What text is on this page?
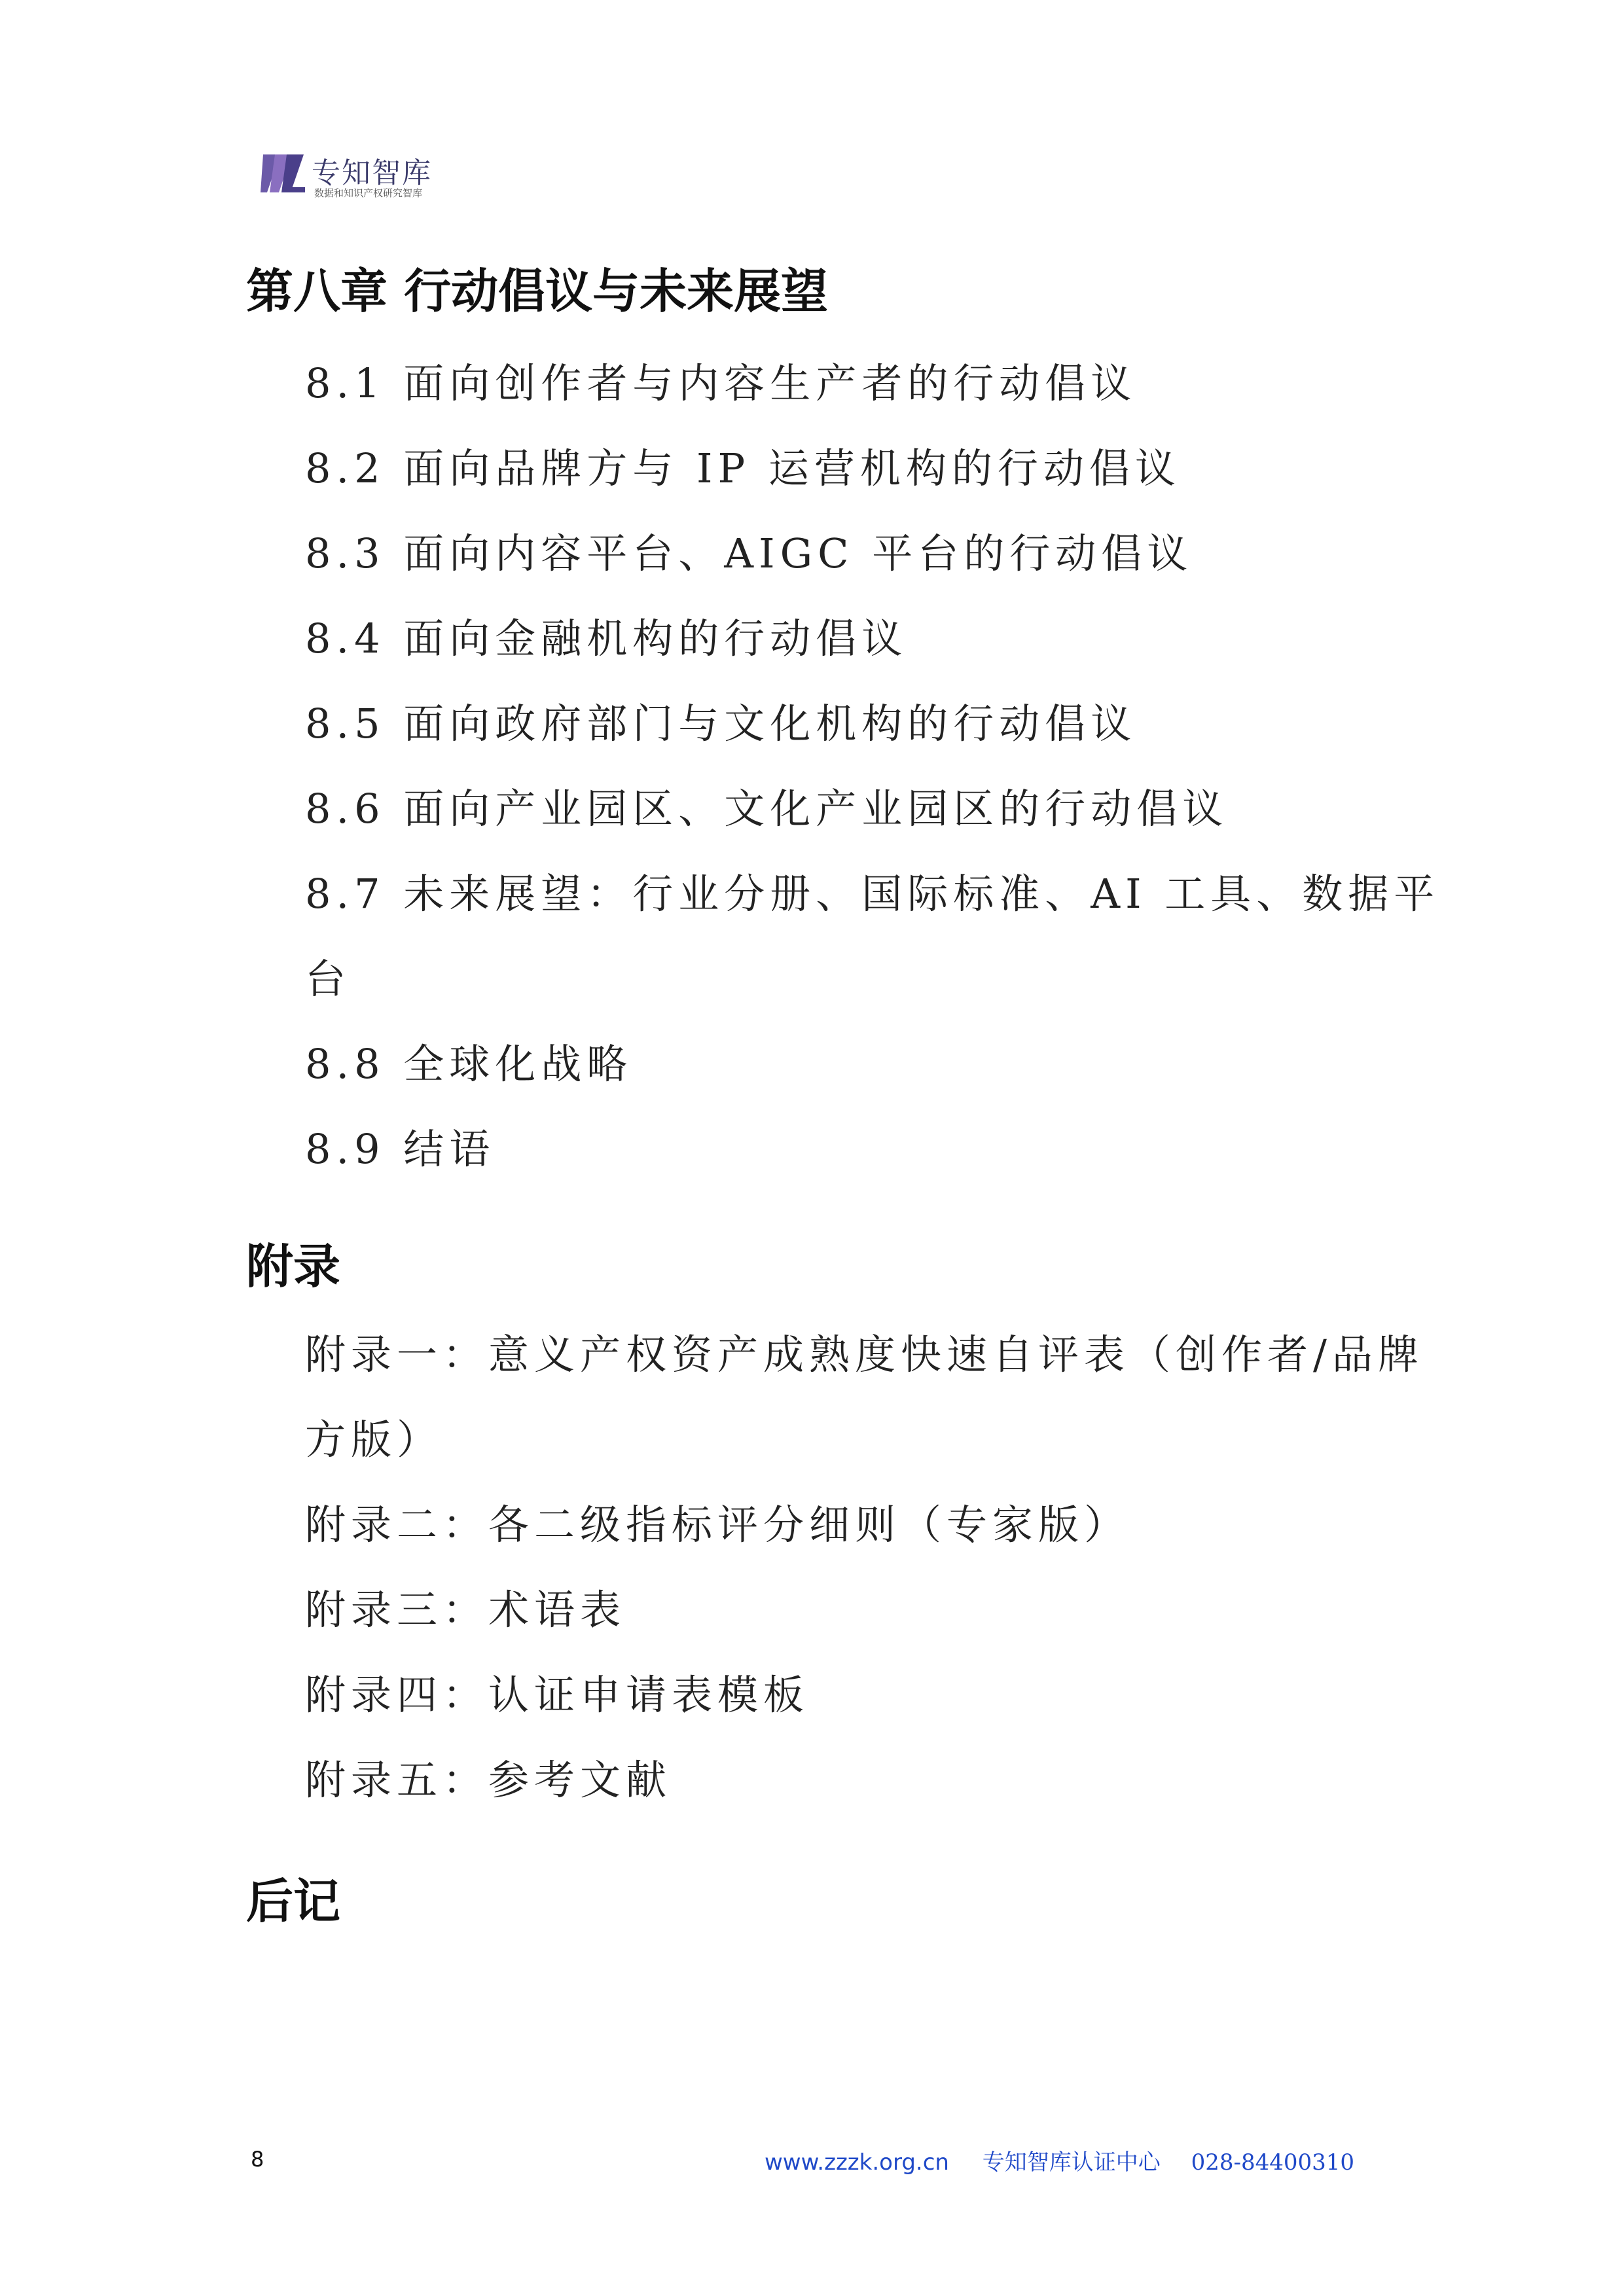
专知智库
数据和知识产权研究智库
第八章 行动倡议与未来展望
8.1 面向创作者与内容生产者的行动倡议
8.2 面向品牌方与 IP 运营机构的行动倡议
8.3 面向内容平台、AIGC 平台的行动倡议
8.4 面向金融机构的行动倡议
8.5 面向政府部门与文化机构的行动倡议
8.6 面向产业园区、文化产业园区的行动倡议
8.7 未来展望：行业分册、国际标准、AI 工具、数据平
台
8.8 全球化战略
8.9 结语
附录
附录一：意义产权资产成熟度快速自评表（创作者/品牌
方版）
附录二：各二级指标评分细则（专家版）
附录三：术语表
附录四：认证申请表模板
附录五：参考文献
后记
8	www.zzzk.org.cn 专知智库认证中心 028-84400310
